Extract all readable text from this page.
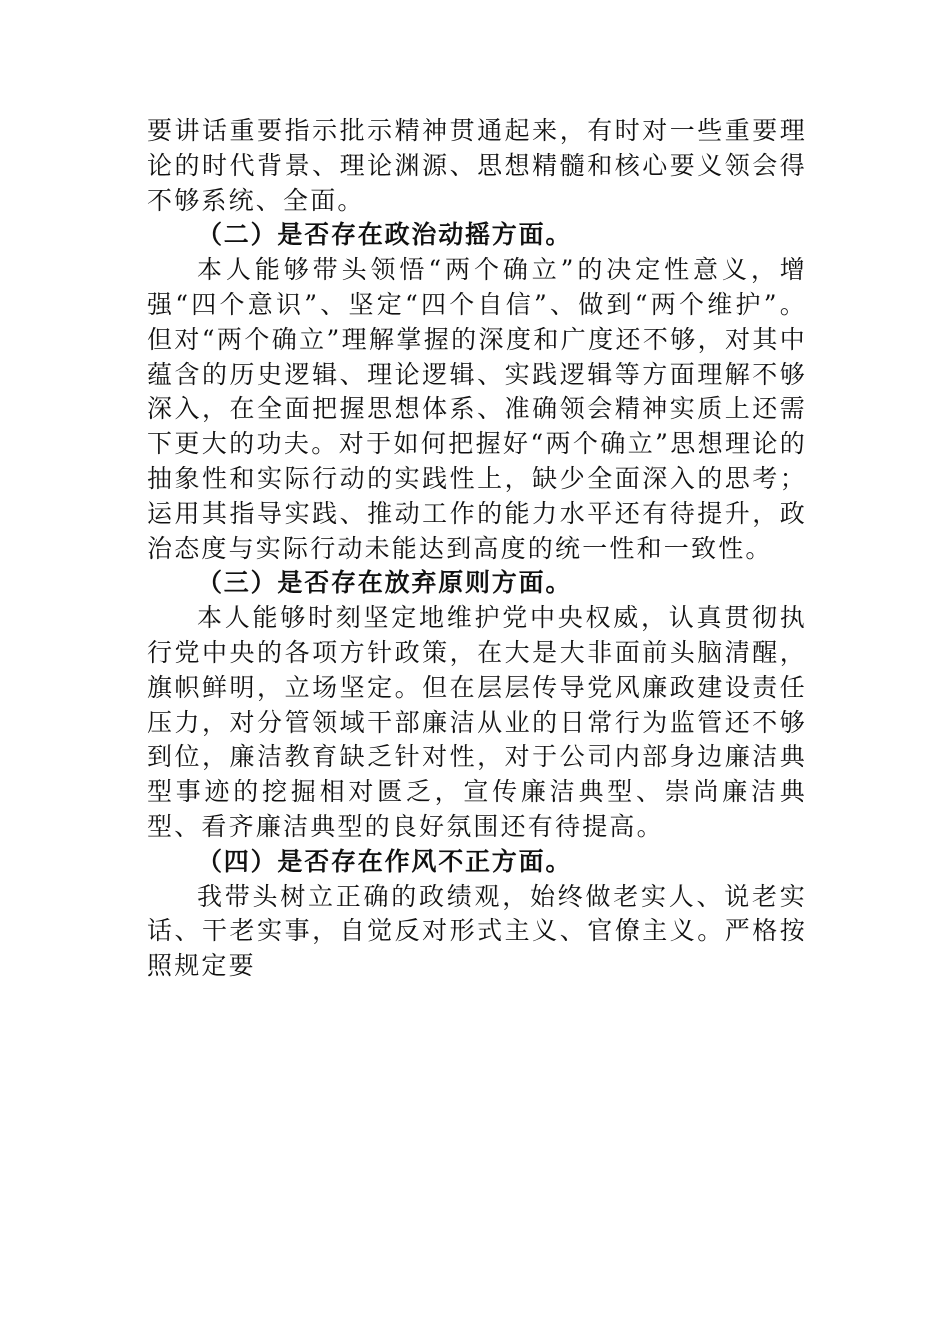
要讲话重要指示批示精神贯通起来，有时对一些重要理论的时代背景、理论渊源、思想精髓和核心要义领会得不够系统、全面。

（二）是否存在政治动摇方面。

本人能够带头领悟“两个确立”的决定性意义，增强“四个意识”、坚定“四个自信”、做到“两个维护”。但对“两个确立”理解掌握的深度和广度还不够，对其中蕴含的历史逻辑、理论逻辑、实践逻辑等方面理解不够深入，在全面把握思想体系、准确领会精神实质上还需下更大的功夫。对于如何把握好“两个确立”思想理论的抽象性和实际行动的实践性上，缺少全面深入的思考；运用其指导实践、推动工作的能力水平还有待提升，政治态度与实际行动未能达到高度的统一性和一致性。

（三）是否存在放弃原则方面。

本人能够时刻坚定地维护党中央权威，认真贯彻执行党中央的各项方针政策，在大是大非面前头脑清醒，旗帜鲜明，立场坚定。但在层层传导党风廉政建设责任压力，对分管领域干部廉洁从业的日常行为监管还不够到位，廉洁教育缺乏针对性，对于公司内部身边廉洁典型事迹的挖掘相对匮乏，宣传廉洁典型、崇尚廉洁典型、看齐廉洁典型的良好氛围还有待提高。

（四）是否存在作风不正方面。

我带头树立正确的政绩观，始终做老实人、说老实话、干老实事，自觉反对形式主义、官僚主义。严格按照规定要
